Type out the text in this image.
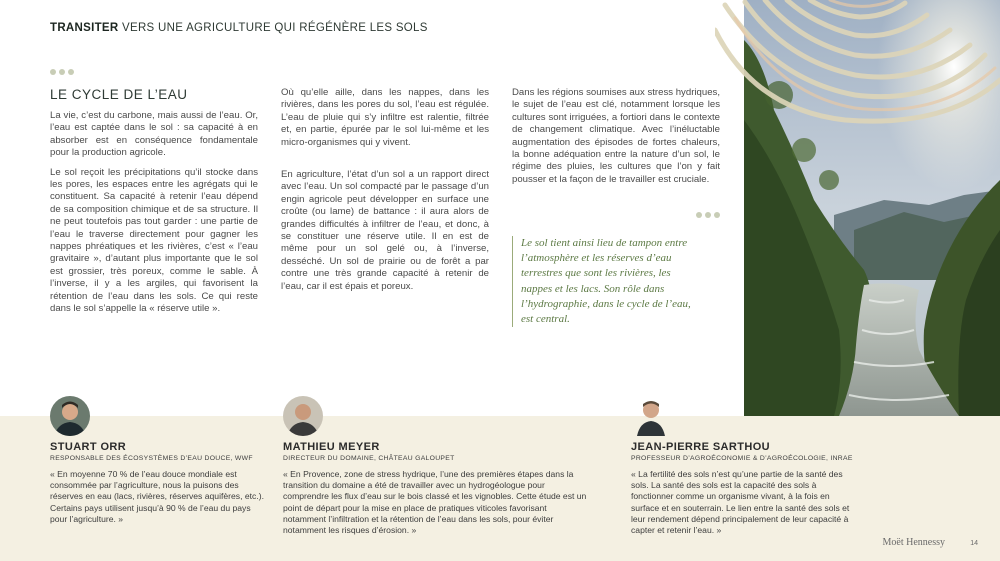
TRANSITER VERS UNE AGRICULTURE QUI RÉGÉNÈRE LES SOLS
LE CYCLE DE L’EAU

La vie, c’est du carbone, mais aussi de l’eau. Or, l’eau est captée dans le sol : sa capacité à en absorber est en conséquence fondamentale pour la production agricole.

Le sol reçoit les précipitations qu’il stocke dans les pores, les espaces entre les agrégats qui le constituent. Sa capacité à retenir l’eau dépend de sa composition chimique et de sa structure. Il ne peut toutefois pas tout garder : une partie de l’eau le traverse directement pour gagner les nappes phréatiques et les rivières, c’est « l’eau gravitaire », d’autant plus importante que le sol est grossier, très poreux, comme le sable. À l’inverse, il y a les argiles, qui favorisent la rétention de l’eau dans les sols. Ce qui reste dans le sol s’appelle la « réserve utile ».

Où qu’elle aille, dans les nappes, dans les rivières, dans les pores du sol, l’eau est régulée. L’eau de pluie qui s’y infiltre est ralentie, filtrée et, en partie, épurée par le sol lui-même et les micro-organismes qui y vivent.

En agriculture, l’état d’un sol a un rapport direct avec l’eau. Un sol compacté par le passage d’un engin agricole peut développer en surface une croûte (ou lame) de battance : il aura alors de grandes difficultés à infiltrer de l’eau, et donc, à se constituer une réserve utile. Il en est de même pour un sol gelé ou, à l’inverse, desséché. Un sol de prairie ou de forêt a par contre une très grande capacité à retenir de l’eau, car il est épais et poreux.

Dans les régions soumises aux stress hydriques, le sujet de l’eau est clé, notamment lorsque les cultures sont irriguées, a fortiori dans le contexte de changement climatique. Avec l’inéluctable augmentation des épisodes de fortes chaleurs, la bonne adéquation entre la nature d’un sol, le régime des pluies, les cultures que l’on y fait pousser et la façon de le travailler est cruciale.

Le sol tient ainsi lieu de tampon entre l’atmosphère et les réserves d’eau terrestres que sont les rivières, les nappes et les lacs. Son rôle dans l’hydrographie, dans le cycle de l’eau, est central.
STUART ORR
RESPONSABLE DES ÉCOSYSTÈMES D’EAU DOUCE, WWF
« En moyenne 70 % de l’eau douce mondiale est consommée par l’agriculture, nous la puisons des réserves en eau (lacs, rivières, réserves aquifères, etc.). Certains pays utilisent jusqu’à 90 % de l’eau du pays pour l’agriculture. »
MATHIEU MEYER
DIRECTEUR DU DOMAINE, CHÂTEAU GALOUPET
« En Provence, zone de stress hydrique, l’une des premières étapes dans la transition du domaine a été de travailler avec un hydrogéologue pour comprendre les flux d’eau sur le bois classé et les vignobles. Cette étude est un point de départ pour la mise en place de pratiques viticoles favorisant notamment l’infiltration et la rétention de l’eau dans les sols, pour éviter notamment les risques d’érosion. »
JEAN-PIERRE SARTHOU
PROFESSEUR D’AGROÉCONOMIE & D’AGROÉCOLOGIE, INRAE
« La fertilité des sols n’est qu’une partie de la santé des sols. La santé des sols est la capacité des sols à fonctionner comme un organisme vivant, à la fois en surface et en souterrain. Le lien entre la santé des sols et leur rendement dépend principalement de leur capacité à capter et retenir l’eau. »
Moët Hennessy	14
